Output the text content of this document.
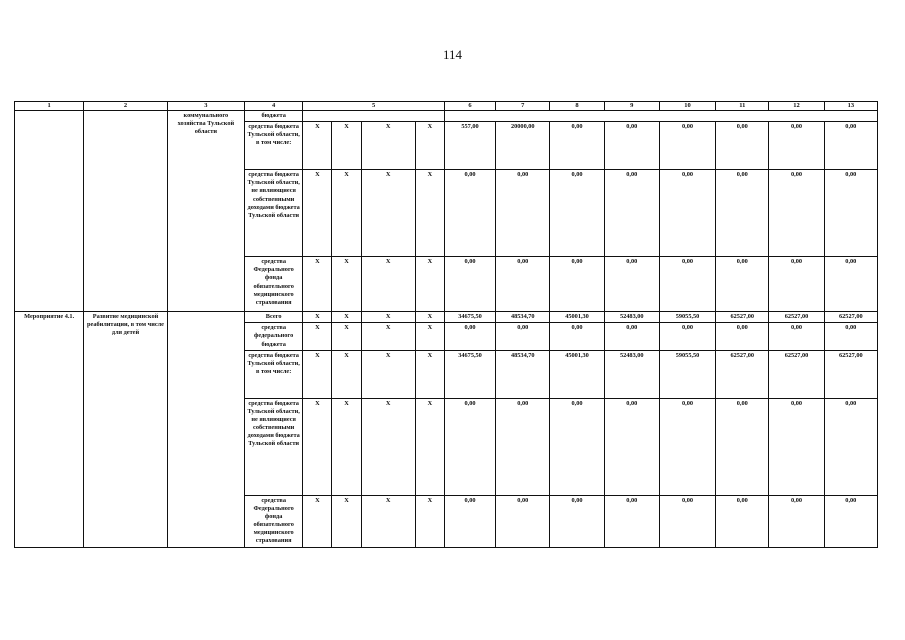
114
1	2	3	4	5				6	7	8	9	10	11	12	13
		коммунального хозяйства Тульской области	бюджета												
			средства бюджета Тульской области, в том числе:	X	X	X	X	557,00	20000,00	0,00	0,00	0,00	0,00	0,00	0,00
			средства бюджета Тульской области, не являющиеся собственными доходами бюджета Тульской области	X	X	X	X	0,00	0,00	0,00	0,00	0,00	0,00	0,00	0,00
			средства Федерального фонда обязательного медицинского страхования	X	X	X	X	0,00	0,00	0,00	0,00	0,00	0,00	0,00	0,00
Мероприятие 4.1.	Развитие медицинской реабилитации, в том числе для детей		Всего	X	X	X	X	34675,50	48534,70	45001,30	52483,00	59055,50	62527,00	62527,00	62527,00
			средства федерального бюджета	X	X	X	X	0,00	0,00	0,00	0,00	0,00	0,00	0,00	0,00
			средства бюджета Тульской области, в том числе:	X	X	X	X	34675,50	48534,70	45001,30	52483,00	59055,50	62527,00	62527,00	62527,00
			средства бюджета Тульской области, не являющиеся собственными доходами бюджета Тульской области	X	X	X	X	0,00	0,00	0,00	0,00	0,00	0,00	0,00	0,00
			средства Федерального фонда обязательного медицинского страхования	X	X	X	X	0,00	0,00	0,00	0,00	0,00	0,00	0,00	0,00
